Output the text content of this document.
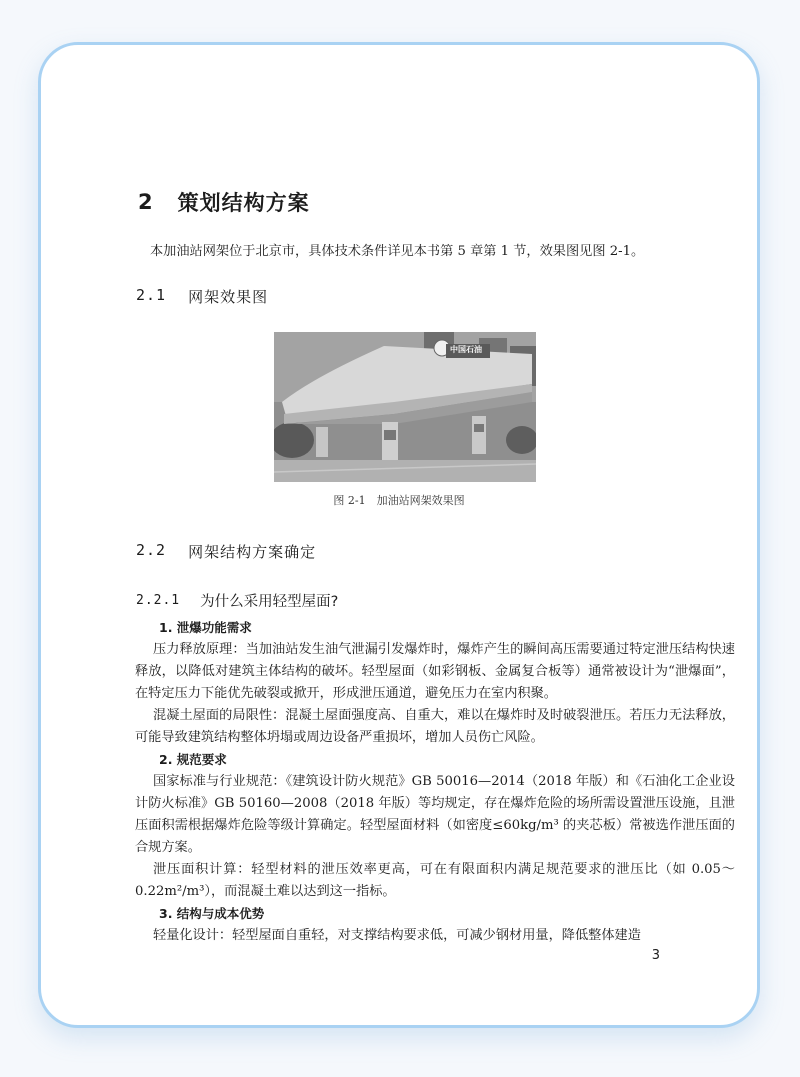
2 策划结构方案
本加油站网架位于北京市，具体技术条件详见本书第 5 章第 1 节，效果图见图 2-1。
2.1 网架效果图
中国石油
图 2-1　加油站网架效果图
2.2 网架结构方案确定
2.2.1 为什么采用轻型屋面?
1. 泄爆功能需求
压力释放原理：当加油站发生油气泄漏引发爆炸时，爆炸产生的瞬间高压需要通过特定泄压结构快速释放，以降低对建筑主体结构的破坏。轻型屋面（如彩钢板、金属复合板等）通常被设计为“泄爆面”，在特定压力下能优先破裂或掀开，形成泄压通道，避免压力在室内积聚。
混凝土屋面的局限性：混凝土屋面强度高、自重大，难以在爆炸时及时破裂泄压。若压力无法释放，可能导致建筑结构整体坍塌或周边设备严重损坏，增加人员伤亡风险。
2. 规范要求
国家标准与行业规范：《建筑设计防火规范》GB 50016—2014（2018 年版）和《石油化工企业设计防火标准》GB 50160—2008（2018 年版）等均规定，存在爆炸危险的场所需设置泄压设施，且泄压面积需根据爆炸危险等级计算确定。轻型屋面材料（如密度≤60kg/m³ 的夹芯板）常被选作泄压面的合规方案。
泄压面积计算：轻型材料的泄压效率更高，可在有限面积内满足规范要求的泄压比（如 0.05～0.22m²/m³），而混凝土难以达到这一指标。
3. 结构与成本优势
轻量化设计：轻型屋面自重轻，对支撑结构要求低，可减少钢材用量，降低整体建造
3
